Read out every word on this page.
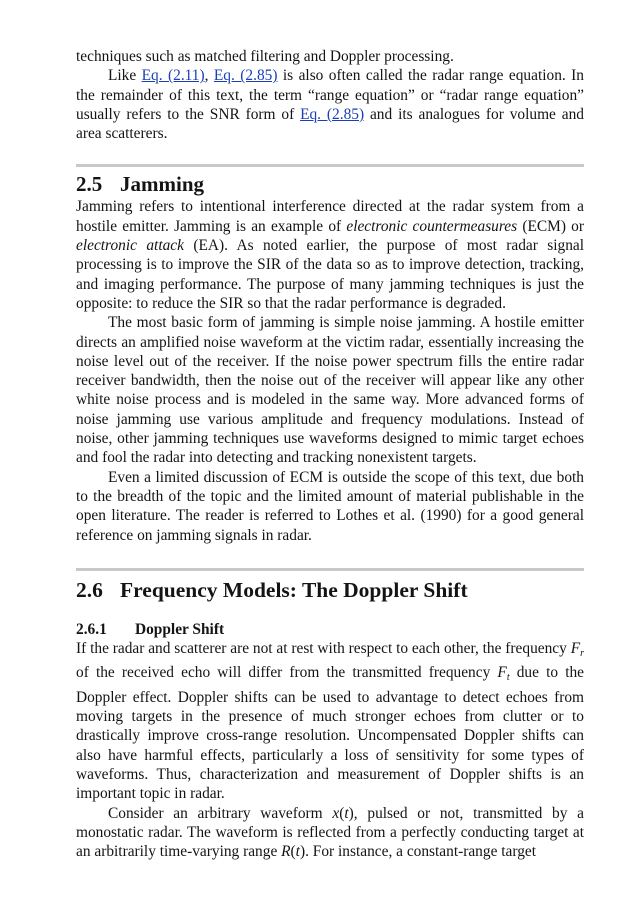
techniques such as matched filtering and Doppler processing.

Like Eq. (2.11), Eq. (2.85) is also often called the radar range equation. In the remainder of this text, the term “range equation” or “radar range equation” usually refers to the SNR form of Eq. (2.85) and its analogues for volume and area scatterers.

2.5 Jamming

Jamming refers to intentional interference directed at the radar system from a hostile emitter. Jamming is an example of electronic countermeasures (ECM) or electronic attack (EA). As noted earlier, the purpose of most radar signal processing is to improve the SIR of the data so as to improve detection, tracking, and imaging performance. The purpose of many jamming techniques is just the opposite: to reduce the SIR so that the radar performance is degraded.

The most basic form of jamming is simple noise jamming. A hostile emitter directs an amplified noise waveform at the victim radar, essentially increasing the noise level out of the receiver. If the noise power spectrum fills the entire radar receiver bandwidth, then the noise out of the receiver will appear like any other white noise process and is modeled in the same way. More advanced forms of noise jamming use various amplitude and frequency modulations. Instead of noise, other jamming techniques use waveforms designed to mimic target echoes and fool the radar into detecting and tracking nonexistent targets.

Even a limited discussion of ECM is outside the scope of this text, due both to the breadth of the topic and the limited amount of material publishable in the open literature. The reader is referred to Lothes et al. (1990) for a good general reference on jamming signals in radar.

2.6 Frequency Models: The Doppler Shift
2.6.1 Doppler Shift

If the radar and scatterer are not at rest with respect to each other, the frequency $F_r$ of the received echo will differ from the transmitted frequency $F_t$ due to the Doppler effect. Doppler shifts can be used to advantage to detect echoes from moving targets in the presence of much stronger echoes from clutter or to drastically improve cross-range resolution. Uncompensated Doppler shifts can also have harmful effects, particularly a loss of sensitivity for some types of waveforms. Thus, characterization and measurement of Doppler shifts is an important topic in radar.

Consider an arbitrary waveform x(t), pulsed or not, transmitted by a monostatic radar. The waveform is reflected from a perfectly conducting target at an arbitrarily time-varying range R(t). For instance, a constant-range target
